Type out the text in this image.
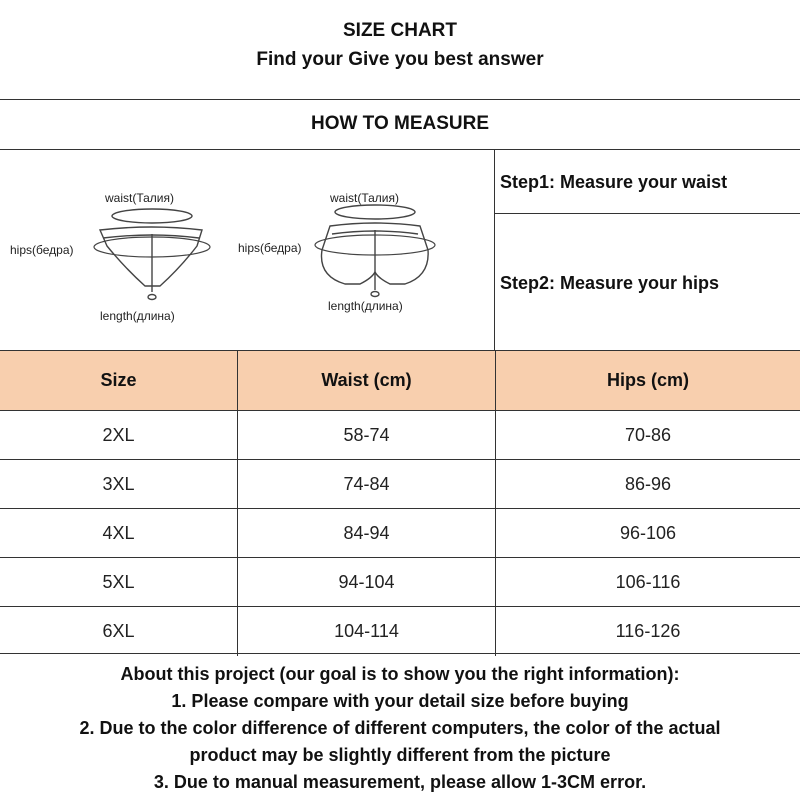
SIZE CHART
Find your Give you best answer
HOW TO MEASURE
waist(Талия)
hips(бедра)
length(длина)
waist(Талия)
hips(бедра)
length(длина)
Step1: Measure your waist
Step2: Measure your hips
Size	Waist (cm)	Hips (cm)
2XL	58-74	70-86
3XL	74-84	86-96
4XL	84-94	96-106
5XL	94-104	106-116
6XL	104-114	116-126
About this project (our goal is to show you the right information):
1. Please compare with your detail size before buying
2. Due to the color difference of different computers, the color of the actual
product may be slightly different from the picture
3. Due to manual measurement, please allow 1-3CM error.
